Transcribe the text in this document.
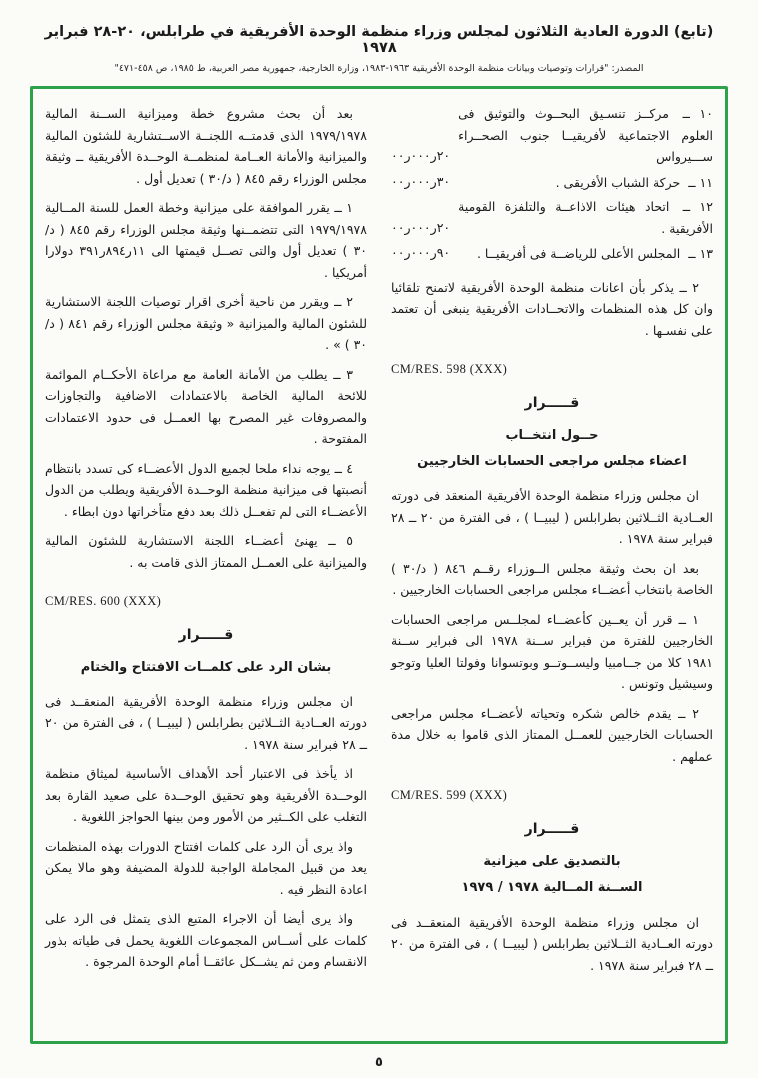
(تابع) الدورة العادية الثلاثون لمجلس وزراء منظمة الوحدة الأفريقية في طرابلس، ٢٠-٢٨ فبراير ١٩٧٨
المصدر: "قرارات وتوصيات وبيانات منظمة الوحدة الأفريقية ١٩٦٣-١٩٨٣، وزارة الخارجية، جمهورية مصر العربية، ط ١٩٨٥، ص ٤٥٨-٤٧١"
١٠ ــ مركــز تنسـيق البحــوث والتوثيق فى العلوم الاجتماعية لأفريقيــا جنوب الصحــراء ســـيرواس
٢٠ر٠٠٠ر٠٠
١١ ــ حركة الشباب الأفريقى .
٣٠ر٠٠٠ر٠٠
١٢ ــ اتحاد هيئات الاذاعــة والتلفزة القومية الأفريقية .
٢٠ر٠٠٠ر٠٠
١٣ ــ المجلس الأعلى للرياضــة فى أفريقيــا .
٩٠ر٠٠٠ر٠٠

٢ ــ يذكر بأن اعانات منظمة الوحدة الأفريقية لاتمنح تلقائيا وان كل هذه المنظمات والاتحــادات الأفريقية ينبغى أن تعتمد على نفسـها .

CM/RES. 598 (XXX)
قـــــرار
حــول انتخــاب
اعضاء مجلس مراجعى الحسابات الخارجيين

ان مجلس وزراء منظمة الوحدة الأفريقية المنعقد فى دورته العــادية الثــلاثين بطرابلس ( ليبيــا ) ، فى الفترة من ٢٠ ــ ٢٨ فبراير سنة ١٩٧٨ .

بعد ان بحث وثيقة مجلس الــوزراء رقــم ٨٤٦ ( د/٣٠ ) الخاصة بانتخاب أعضــاء مجلس مراجعى الحسابات الخارجيين .

١ ــ قرر أن يعــين كأعضــاء لمجلــس مراجعى الحسابات الخارجيين للفترة من فبراير ســنة ١٩٧٨ الى فبراير ســنة ١٩٨١ كلا من جــامبيا وليســوتــو وبوتسوانا وفولتا العليا وتوجو وسيشيل وتونس .

٢ ــ يقدم خالص شكره وتحياته لأعضــاء مجلس مراجعى الحسابات الخارجيين للعمــل الممتاز الذى قاموا به خلال مدة عملهم .

CM/RES. 599 (XXX)
قـــــرار
بالتصديق على ميزانية
الســنة المــالية ١٩٧٨ / ١٩٧٩

ان مجلس وزراء منظمة الوحدة الأفريقية المنعقــد فى دورته العــادية الثــلاثين بطرابلس ( ليبيــا ) ، فى الفترة من ٢٠ ــ ٢٨ فبراير سنة ١٩٧٨ .

بعد أن بحث مشروع خطة وميزانية الســنة المالية ١٩٧٩/١٩٧٨ الذى قدمتــه اللجنــة الاســتشارية للشئون المالية والميزانية والأمانة العــامة لمنظمــة الوحــدة الأفريقية ــ وثيقة مجلس الوزراء رقم ٨٤٥ ( د/٣٠ ) تعديل أول .

١ ــ يقرر الموافقة على ميزانية وخطة العمل للسنة المــالية ١٩٧٩/١٩٧٨ التى تتضمــنها وثيقة مجلس الوزراء رقم ٨٤٥ ( د/٣٠ ) تعديل أول والتى تصــل قيمتها الى ١١ر٨٩٤ر٣٩١ دولارا أمريكيا .

٢ ــ ويقرر من ناحية أخرى اقرار توصيات اللجنة الاستشارية للشئون المالية والميزانية « وثيقة مجلس الوزراء رقم ٨٤١ ( د/٣٠ ) » .

٣ ــ يطلب من الأمانة العامة مع مراعاة الأحكــام الموائمة للائحة المالية الخاصة بالاعتمادات الاضافية والتجاوزات والمصروفات غير المصرح بها العمــل فى حدود الاعتمادات المفتوحة .

٤ ــ يوجه نداء ملحا لجميع الدول الأعضــاء كى تسدد بانتظام أنصبتها فى ميزانية منظمة الوحــدة الأفريقية ويطلب من الدول الأعضــاء التى لم تفعــل ذلك بعد دفع متأخراتها دون ابطاء .

٥ ــ يهنئ أعضــاء اللجنة الاستشارية للشئون المالية والميزانية على العمــل الممتاز الذى قامت به .

CM/RES. 600 (XXX)
قـــــرار
بشان الرد على كلمــات الافتتاح والختام

ان مجلس وزراء منظمة الوحدة الأفريقية المنعقــد فى دورته العــادية الثــلاثين بطرابلس ( ليبيــا ) ، فى الفترة من ٢٠ ــ ٢٨ فبراير سنة ١٩٧٨ .

اذ يأخذ فى الاعتبار أحد الأهداف الأساسية لميثاق منظمة الوحــدة الأفريقية وهو تحقيق الوحــدة على صعيد القارة بعد التغلب على الكــثير من الأمور ومن بينها الحواجز اللغوية .

واذ يرى أن الرد على كلمات افتتاح الدورات بهذه المنظمات يعد من قبيل المجاملة الواجبة للدولة المضيفة وهو مالا يمكن اعادة النظر فيه .

واذ يرى أيضا أن الاجراء المتبع الذى يتمثل فى الرد على كلمات على أســاس المجموعات اللغوية يحمل فى طياته بذور الانقسام ومن ثم يشــكل عائقــا أمام الوحدة المرجوة .

٥
